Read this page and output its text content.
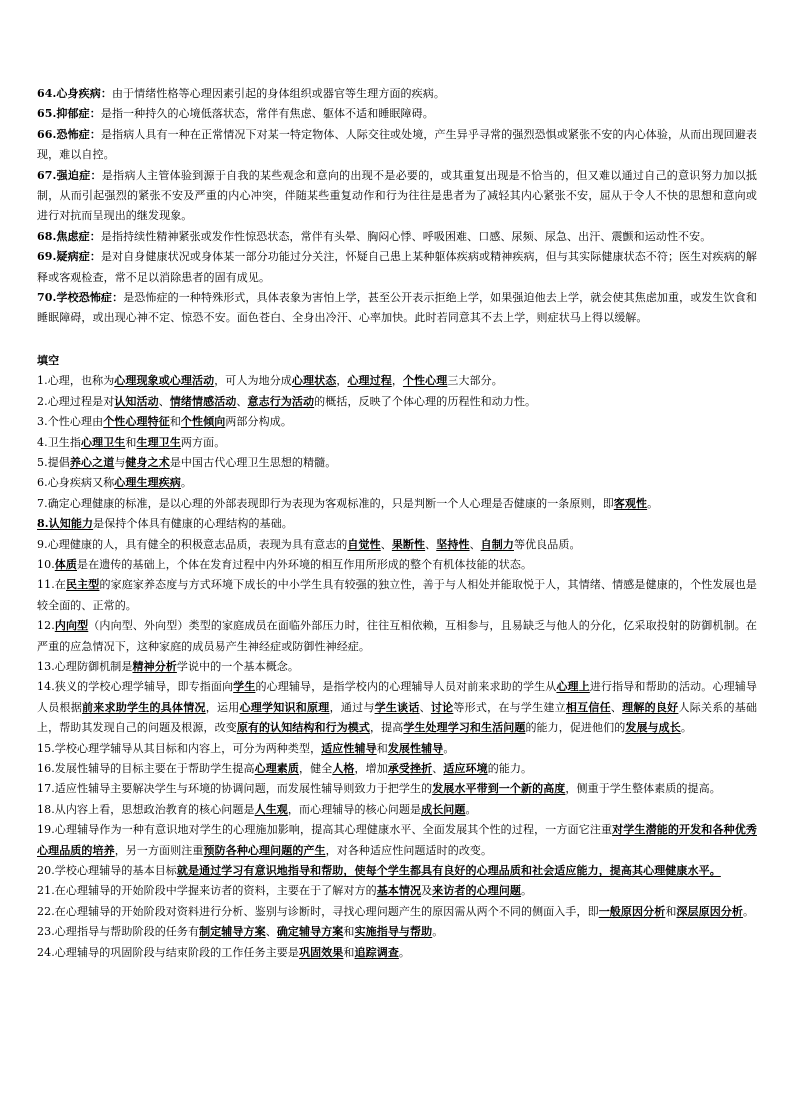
64.心身疾病：由于情绪性格等心理因素引起的身体组织或器官等生理方面的疾病。

65.抑郁症：是指一种持久的心境低落状态，常伴有焦虑、躯体不适和睡眠障碍。

66.恐怖症：是指病人具有一种在正常情况下对某一特定物体、人际交往或处境，产生异乎寻常的强烈恐惧或紧张不安的内心体验，从而出现回避表现，难以自控。

67.强迫症：是指病人主管体验到源于自我的某些观念和意向的出现不是必要的，或其重复出现是不恰当的，但又难以通过自己的意识努力加以抵制，从而引起强烈的紧张不安及严重的内心冲突，伴随某些重复动作和行为往往是患者为了减轻其内心紧张不安，屈从于令人不快的思想和意向或进行对抗而呈现出的继发现象。

68.焦虑症：是指持续性精神紧张或发作性惊恐状态，常伴有头晕、胸闷心悸、呼吸困难、口感、尿频、尿急、出汗、震颤和运动性不安。

69.疑病症：是对自身健康状况或身体某一部分功能过分关注，怀疑自己患上某种躯体疾病或精神疾病，但与其实际健康状态不符；医生对疾病的解释或客观检查，常不足以消除患者的固有成见。

70.学校恐怖症：是恐怖症的一种特殊形式，具体表象为害怕上学，甚至公开表示拒绝上学，如果强迫他去上学，就会使其焦虑加重，或发生饮食和睡眠障碍，或出现心神不定、惊恐不安。面色苍白、全身出冷汗、心率加快。此时若同意其不去上学，则症状马上得以缓解。

填空

1.心理，也称为心理现象或心理活动，可人为地分成心理状态，心理过程，个性心理三大部分。

2.心理过程是对认知活动、情绪情感活动、意志行为活动的概括，反映了个体心理的历程性和动力性。

3.个性心理由个性心理特征和个性倾向两部分构成。

4.卫生指心理卫生和生理卫生两方面。

5.提倡养心之道与健身之术是中国古代心理卫生思想的精髓。

6.心身疾病又称心理生理疾病。

7.确定心理健康的标准，是以心理的外部表现即行为表现为客观标准的，只是判断一个人心理是否健康的一条原则，即客观性。

8.认知能力是保持个体具有健康的心理结构的基础。

9.心理健康的人，具有健全的积极意志品质，表现为具有意志的自觉性、果断性、坚持性、自制力等优良品质。

10.体质是在遗传的基础上，个体在发育过程中内外环境的相互作用所形成的整个有机体技能的状态。

11.在民主型的家庭家养态度与方式环境下成长的中小学生具有较强的独立性，善于与人相处并能取悦于人，其情绪、情感是健康的，个性发展也是较全面的、正常的。

12.内向型（内向型、外向型）类型的家庭成员在面临外部压力时，往往互相依赖，互相参与，且易缺乏与他人的分化，亿采取投射的防御机制。在严重的应急情况下，这种家庭的成员易产生神经症或防御性神经症。

13.心理防御机制是精神分析学说中的一个基本概念。

14.狭义的学校心理学辅导，即专指面向学生的心理辅导，是指学校内的心理辅导人员对前来求助的学生从心理上进行指导和帮助的活动。心理辅导人员根据前来求助学生的具体情况，运用心理学知识和原理，通过与学生谈话、讨论等形式，在与学生建立相互信任、理解的良好人际关系的基础上，帮助其发现自己的问题及根源，改变原有的认知结构和行为模式，提高学生处理学习和生活问题的能力，促进他们的发展与成长。

15.学校心理学辅导从其目标和内容上，可分为两种类型，适应性辅导和发展性辅导。

16.发展性辅导的目标主要在于帮助学生提高心理素质，健全人格，增加承受挫折、适应环境的能力。

17.适应性辅导主要解决学生与环境的协调问题，而发展性辅导则致力于把学生的发展水平带到一个新的高度，侧重于学生整体素质的提高。

18.从内容上看，思想政治教育的核心问题是人生观，而心理辅导的核心问题是成长问题。

19.心理辅导作为一种有意识地对学生的心理施加影响，提高其心理健康水平、全面发展其个性的过程，一方面它注重对学生潜能的开发和各种优秀心理品质的培养，另一方面则注重预防各种心理问题的产生，对各种适应性问题适时的改变。

20.学校心理辅导的基本目标就是通过学习有意识地指导和帮助，使每个学生都具有良好的心理品质和社会适应能力，提高其心理健康水平。

21.在心理辅导的开始阶段中学握来访者的资料，主要在于了解对方的基本情况及来访者的心理问题。

22.在心理辅导的开始阶段对资料进行分析、鉴别与诊断时，寻找心理问题产生的原因需从两个不同的侧面入手，即一般原因分析和深层原因分析。

23.心理指导与帮助阶段的任务有制定辅导方案、确定辅导方案和实施指导与帮助。

24.心理辅导的巩固阶段与结束阶段的工作任务主要是巩固效果和追踪调查。
